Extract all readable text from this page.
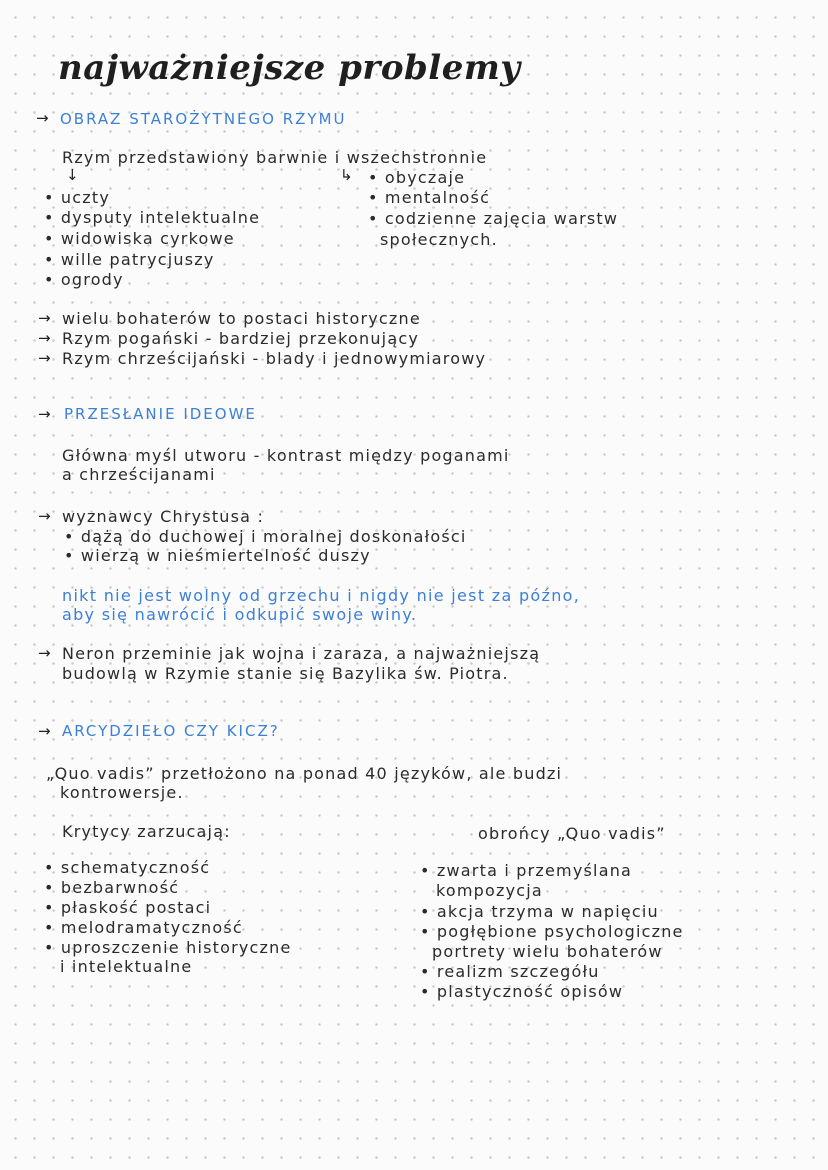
najważniejsze problemy
→ OBRAZ STAROŻYTNEGO RZYMU
Rzym przedstawiony barwnie i wszechstronnie
↓	↳
• uczty
• dysputy intelektualne
• widowiska cyrkowe
• wille patrycjuszy
• ogrody
• obyczaje
• mentalność
• codzienne zajęcia warstw
społecznych.
→ wielu bohaterów to postaci historyczne
→ Rzym pogański - bardziej przekonujący
→ Rzym chrześcijański - blady i jednowymiarowy
→ PRZESŁANIE IDEOWE
Główna myśl utworu - kontrast między poganami
a chrześcijanami
→ wyznawcy Chrystusa :
• dążą do duchowej i moralnej doskonałości
• wierzą w nieśmiertelność duszy
nikt nie jest wolny od grzechu i nigdy nie jest za późno,
aby się nawrócić i odkupić swoje winy.
→ Neron przeminie jak wojna i zaraza, a najważniejszą
budowlą w Rzymie stanie się Bazylika św. Piotra.
→ ARCYDZIEŁO CZY KICZ?
„Quo vadis” przetłożono na ponad 40 języków, ale budzi
kontrowersje.
Krytycy zarzucają:	obrońcy „Quo vadis”
• schematyczność
• bezbarwność
• płaskość postaci
• melodramatyczność
• uproszczenie historyczne
i intelektualne
• zwarta i przemyślana
kompozycja
• akcja trzyma w napięciu
• pogłębione psychologiczne
portrety wielu bohaterów
• realizm szczegółu
• plastyczność opisów
